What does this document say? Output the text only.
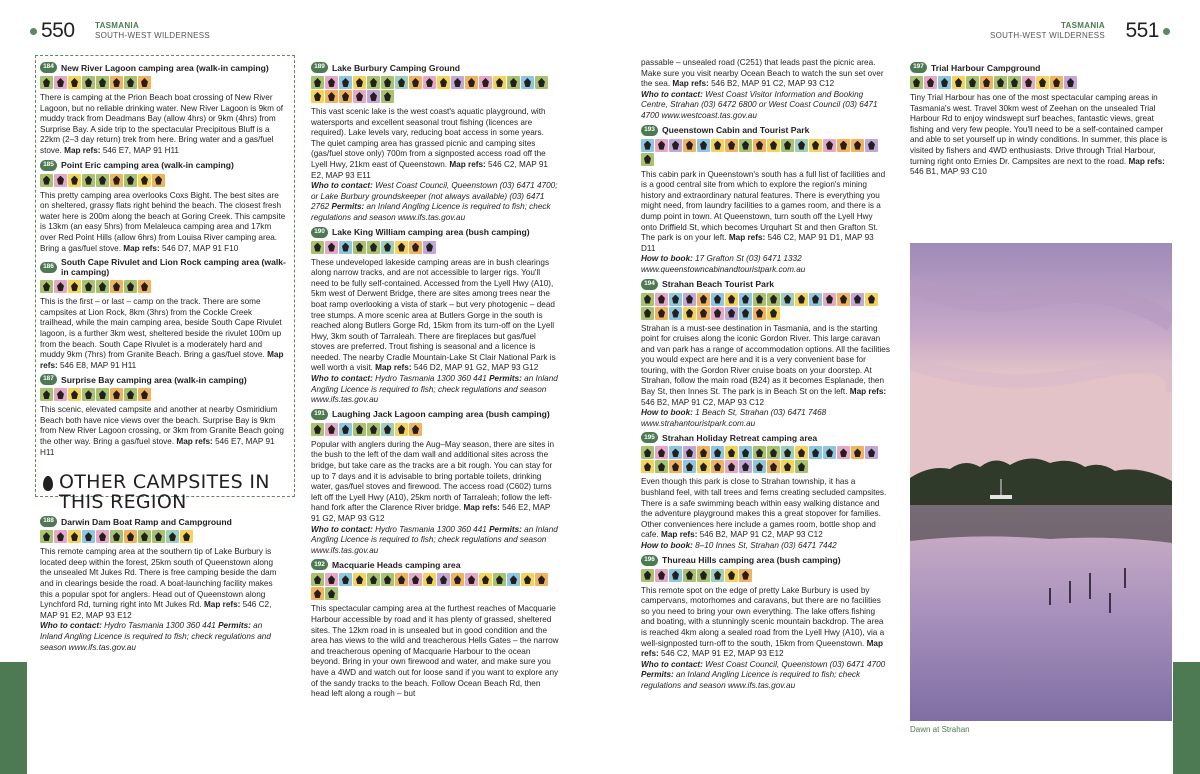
550	TASMANIA
SOUTH-WEST WILDERNESS
TASMANIA
SOUTH-WEST WILDERNESS 551
184 New River Lagoon camping area (walk-in camping)
There is camping at the Prion Beach boat crossing of New River Lagoon, but no reliable drinking water. New River Lagoon is 9km of muddy track from Deadmans Bay (allow 4hrs) or 9km (4hrs) from Surprise Bay. A side trip to the spectacular Precipitous Bluff is a 22km (2–3 day return) trek from here. Bring water and a gas/fuel stove. Map refs: 546 E7, MAP 91 H11
185 Point Eric camping area (walk-in camping)
This pretty camping area overlooks Coxs Bight. The best sites are on sheltered, grassy flats right behind the beach. The closest fresh water here is 200m along the beach at Goring Creek. This campsite is 13km (an easy 5hrs) from Melaleuca camping area and 17km over Red Point Hills (allow 6hrs) from Louisa River camping area. Bring a gas/fuel stove. Map refs: 546 D7, MAP 91 F10
186 South Cape Rivulet and Lion Rock camping area (walk-in camping)
This is the first – or last – camp on the track. There are some campsites at Lion Rock, 8km (3hrs) from the Cockle Creek trailhead, while the main camping area, beside South Cape Rivulet lagoon, is a further 3km west, sheltered beside the rivulet 100m up from the beach. South Cape Rivulet is a moderately hard and muddy 9km (7hrs) from Granite Beach. Bring a gas/fuel stove. Map refs: 546 E8, MAP 91 H11
187 Surprise Bay camping area (walk-in camping)
This scenic, elevated campsite and another at nearby Osmiridium Beach both have nice views over the beach. Surprise Bay is 9km from New River Lagoon crossing, or 3km from Granite Beach going the other way. Bring a gas/fuel stove. Map refs: 546 E7, MAP 91 H11
OTHER CAMPSITES IN THIS REGION
188 Darwin Dam Boat Ramp and Campground
This remote camping area at the southern tip of Lake Burbury is located deep within the forest, 25km south of Queenstown along the unsealed Mt Jukes Rd. There is free camping beside the dam and in clearings beside the road. A boat-launching facility makes this a popular spot for anglers. Head out of Queenstown along Lynchford Rd, turning right into Mt Jukes Rd. Map refs: 546 C2, MAP 91 E2, MAP 93 E12
Who to contact: Hydro Tasmania 1300 360 441 Permits: an Inland Angling Licence is required to fish; check regulations and season www.ifs.tas.gov.au
189 Lake Burbury Camping Ground
This vast scenic lake is the west coast's aquatic playground, with watersports and excellent seasonal trout fishing (licences are required). Lake levels vary, reducing boat access in some years. The quiet camping area has grassed picnic and camping sites (gas/fuel stove only) 700m from a signposted access road off the Lyell Hwy, 21km east of Queenstown. Map refs: 546 C2, MAP 91 E2, MAP 93 E11
Who to contact: West Coast Council, Queenstown (03) 6471 4700; or Lake Burbury groundskeeper (not always available) (03) 6471 2762 Permits: an Inland Angling Licence is required to fish; check regulations and season www.ifs.tas.gov.au
190 Lake King William camping area (bush camping)
These undeveloped lakeside camping areas are in bush clearings along narrow tracks, and are not accessible to larger rigs. You'll need to be fully self-contained. Accessed from the Lyell Hwy (A10), 5km west of Derwent Bridge, there are sites among trees near the boat ramp overlooking a vista of stark – but very photogenic – dead tree stumps. A more scenic area at Butlers Gorge in the south is reached along Butlers Gorge Rd, 15km from its turn-off on the Lyell Hwy, 3km south of Tarraleah. There are fireplaces but gas/fuel stoves are preferred. Trout fishing is seasonal and a licence is needed. The nearby Cradle Mountain-Lake St Clair National Park is well worth a visit. Map refs: 546 D2, MAP 91 G2, MAP 93 G12
Who to contact: Hydro Tasmania 1300 360 441 Permits: an Inland Angling Licence is required to fish; check regulations and season www.ifs.tas.gov.au
191 Laughing Jack Lagoon camping area (bush camping)
Popular with anglers during the Aug–May season, there are sites in the bush to the left of the dam wall and additional sites across the bridge, but take care as the tracks are a bit rough. You can stay for up to 7 days and it is advisable to bring portable toilets, drinking water, gas/fuel stoves and firewood. The access road (C602) turns left off the Lyell Hwy (A10), 25km north of Tarraleah; follow the left-hand fork after the Clarence River bridge. Map refs: 546 E2, MAP 91 G2, MAP 93 G12
Who to contact: Hydro Tasmania 1300 360 441 Permits: an Inland Angling Licence is required to fish; check regulations and season www.ifs.tas.gov.au
192 Macquarie Heads camping area
This spectacular camping area at the furthest reaches of Macquarie Harbour accessible by road and it has plenty of grassed, sheltered sites. The 12km road in is unsealed but in good condition and the area has views to the wild and treacherous Hells Gates – the narrow and treacherous opening of Macquarie Harbour to the ocean beyond. Bring in your own firewood and water, and make sure you have a 4WD and watch out for loose sand if you want to explore any of the sandy tracks to the beach. Follow Ocean Beach Rd, then head left along a rough – but
passable – unsealed road (C251) that leads past the picnic area. Make sure you visit nearby Ocean Beach to watch the sun set over the sea. Map refs: 546 B2, MAP 91 C2, MAP 93 C12
Who to contact: West Coast Visitor Information and Booking Centre, Strahan (03) 6472 6800 or West Coast Council (03) 6471 4700 www.westcoast.tas.gov.au
193 Queenstown Cabin and Tourist Park
This cabin park in Queenstown's south has a full list of facilities and is a good central site from which to explore the region's mining history and extraordinary natural features. There is everything you might need, from laundry facilities to a games room, and there is a dump point in town. At Queenstown, turn south off the Lyell Hwy onto Driffield St, which becomes Urquhart St and then Grafton St. The park is on your left. Map refs: 546 C2, MAP 91 D1, MAP 93 D11
How to book: 17 Grafton St (03) 6471 1332 www.queenstowncabinandtouristpark.com.au
194 Strahan Beach Tourist Park
Strahan is a must-see destination in Tasmania, and is the starting point for cruises along the iconic Gordon River. This large caravan and van park has a range of accommodation options. All the facilities you would expect are here and it is a very convenient base for touring, with the Gordon River cruise boats on your doorstep. At Strahan, follow the main road (B24) as it becomes Esplanade, then Bay St, then Innes St. The park is in Beach St on the left. Map refs: 546 B2, MAP 91 C2, MAP 93 C12
How to book: 1 Beach St, Strahan (03) 6471 7468 www.strahantouristpark.com.au
195 Strahan Holiday Retreat camping area
Even though this park is close to Strahan township, it has a bushland feel, with tall trees and ferns creating secluded campsites. There is a safe swimming beach within easy walking distance and the adventure playground makes this a great stopover for families. Other conveniences here include a games room, bottle shop and cafe. Map refs: 546 B2, MAP 91 C2, MAP 93 C12
How to book: 8–10 Innes St, Strahan (03) 6471 7442
196 Thureau Hills camping area (bush camping)
This remote spot on the edge of pretty Lake Burbury is used by campervans, motorhomes and caravans, but there are no facilities so you need to bring your own everything. The lake offers fishing and boating, with a stunningly scenic mountain backdrop. The area is reached 4km along a sealed road from the Lyell Hwy (A10), via a well-signposted turn-off to the south, 15km from Queenstown. Map refs: 546 C2, MAP 91 E2, MAP 93 E12
Who to contact: West Coast Council, Queenstown (03) 6471 4700 Permits: an Inland Angling Licence is required to fish; check regulations and season www.ifs.tas.gov.au
197 Trial Harbour Campground
Tiny Trial Harbour has one of the most spectacular camping areas in Tasmania's west. Travel 30km west of Zeehan on the unsealed Trial Harbour Rd to enjoy windswept surf beaches, fantastic views, great fishing and very few people. You'll need to be a self-contained camper and able to set yourself up in windy conditions. In summer, this place is visited by fishers and 4WD enthusiasts. Drive through Trial Harbour, turning right onto Ernies Dr. Campsites are next to the road. Map refs: 546 B1, MAP 93 C10
Dawn at Strahan
